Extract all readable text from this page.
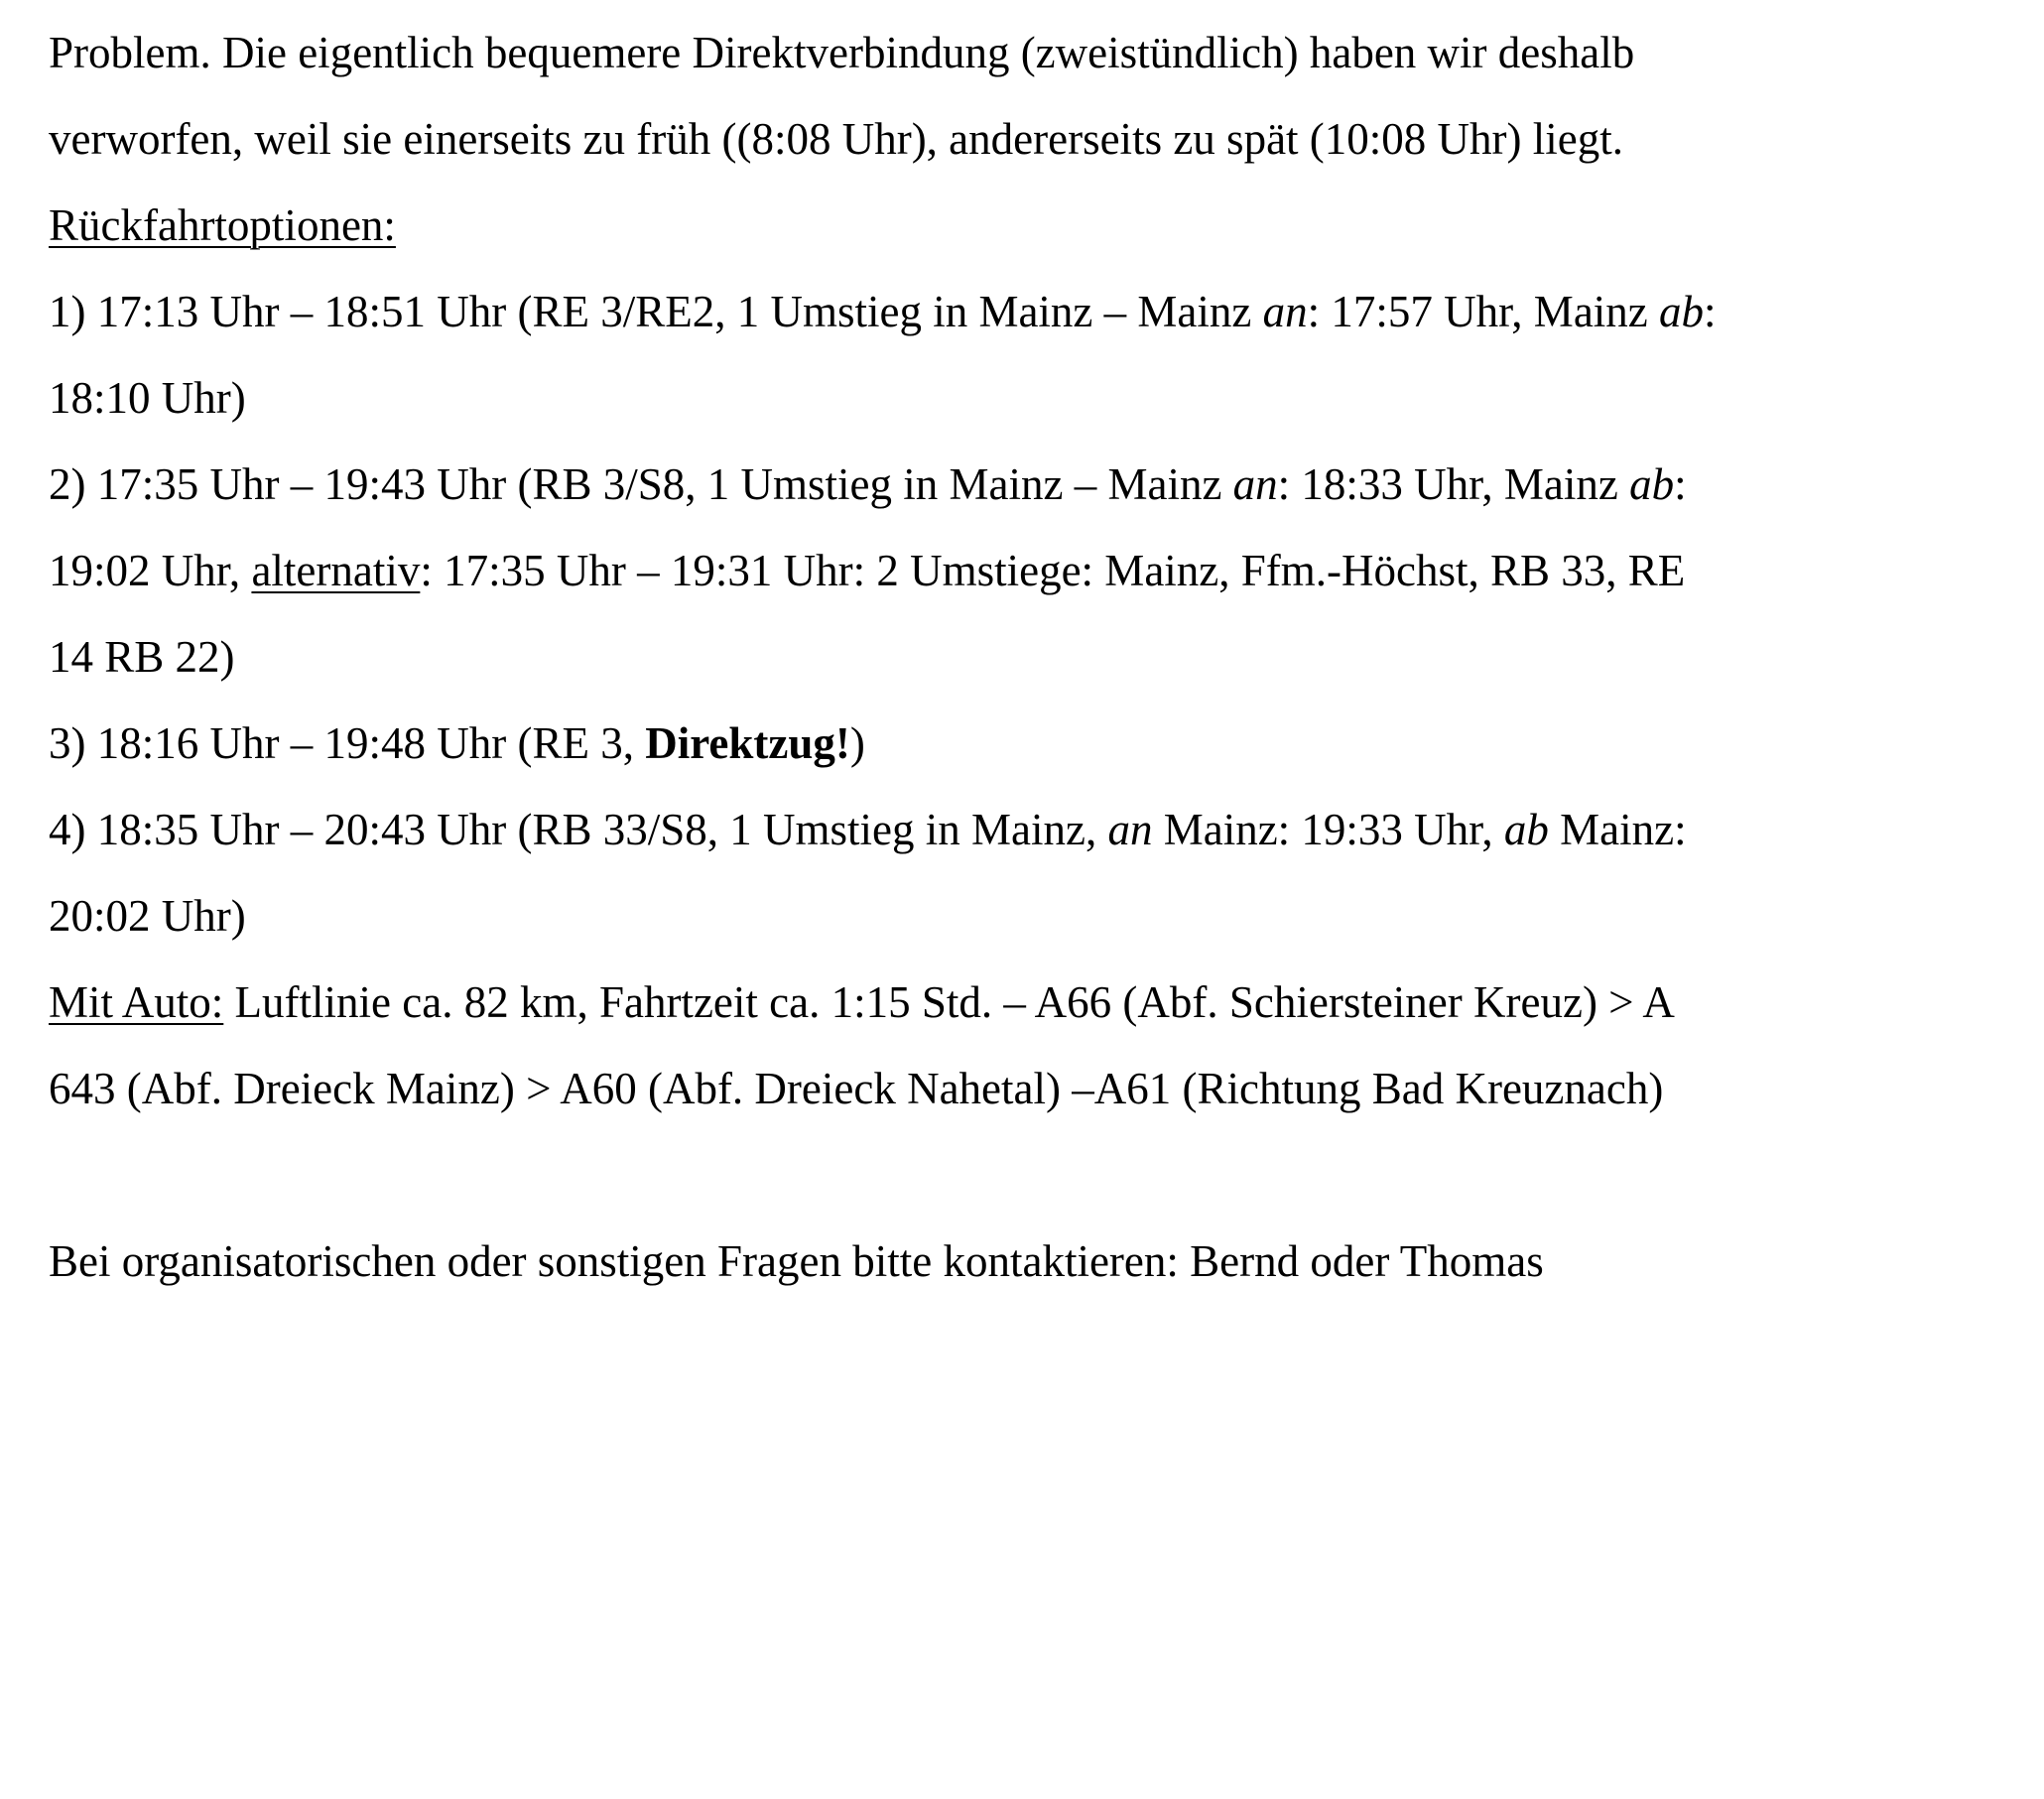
Problem. Die eigentlich bequemere Direktverbindung (zweistündlich) haben wir deshalb
verworfen, weil sie einerseits zu früh ((8:08 Uhr), andererseits zu spät (10:08 Uhr) liegt.
Rückfahrtoptionen:
1) 17:13 Uhr – 18:51 Uhr (RE 3/RE2, 1 Umstieg in Mainz – Mainz an: 17:57 Uhr, Mainz ab:
18:10 Uhr)
2) 17:35 Uhr – 19:43 Uhr (RB 3/S8, 1 Umstieg in Mainz – Mainz an: 18:33 Uhr, Mainz ab:
19:02 Uhr, alternativ: 17:35 Uhr – 19:31 Uhr: 2 Umstiege: Mainz, Ffm.-Höchst, RB 33, RE
14 RB 22)
3) 18:16 Uhr – 19:48 Uhr (RE 3, Direktzug!)
4) 18:35 Uhr – 20:43 Uhr (RB 33/S8, 1 Umstieg in Mainz, an Mainz: 19:33 Uhr, ab Mainz:
20:02 Uhr)
Mit Auto: Luftlinie ca. 82 km, Fahrtzeit ca. 1:15 Std. – A66 (Abf. Schiersteiner Kreuz) > A
643 (Abf. Dreieck Mainz) > A60 (Abf. Dreieck Nahetal) –A61 (Richtung Bad Kreuznach)
Bei organisatorischen oder sonstigen Fragen bitte kontaktieren: Bernd oder Thomas
